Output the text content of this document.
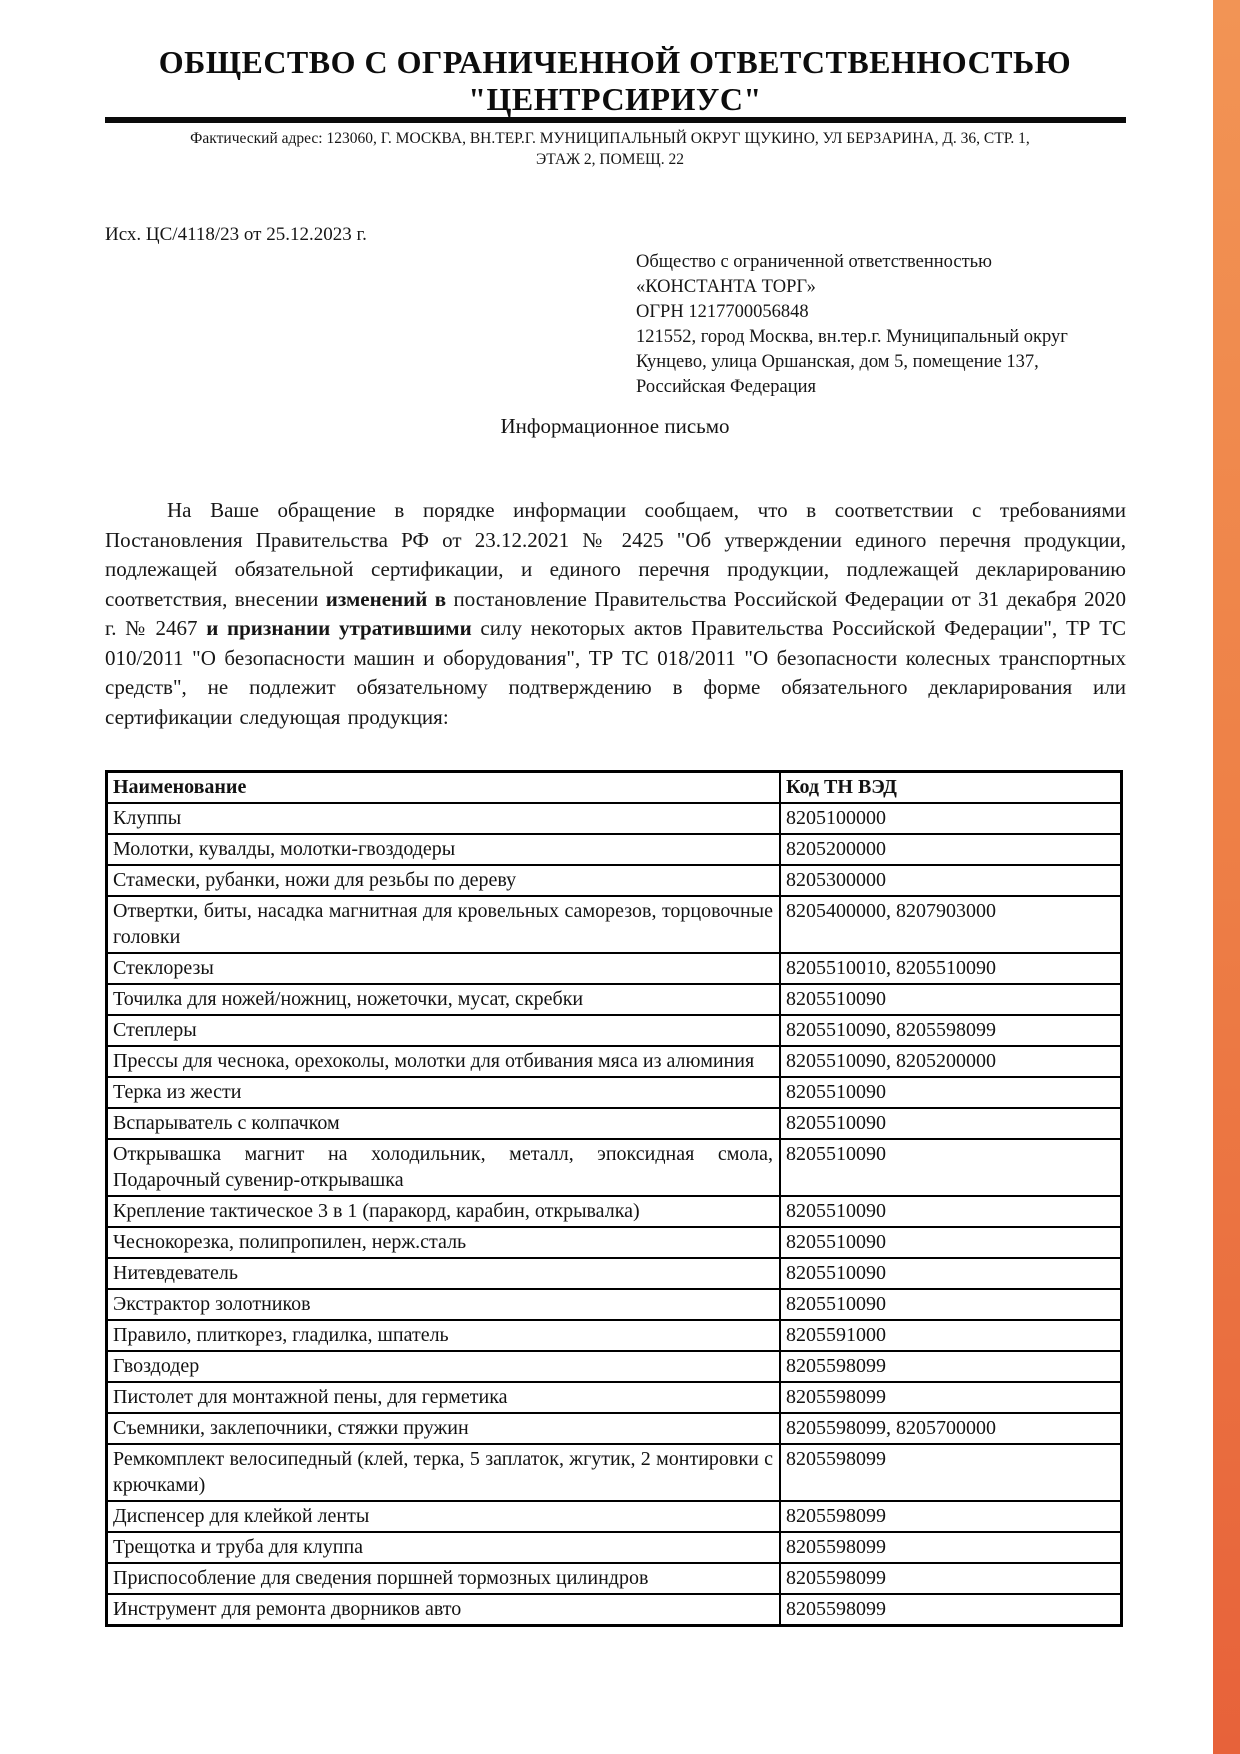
ОБЩЕСТВО С ОГРАНИЧЕННОЙ ОТВЕТСТВЕННОСТЬЮ
"ЦЕНТРСИРИУС"
Фактический адрес: 123060, Г. МОСКВА, ВН.ТЕР.Г. МУНИЦИПАЛЬНЫЙ ОКРУГ ЩУКИНО, УЛ БЕРЗАРИНА, Д. 36, СТР. 1,
ЭТАЖ 2, ПОМЕЩ. 22
Исх. ЦС/4118/23 от 25.12.2023 г.
Общество с ограниченной ответственностью
«КОНСТАНТА ТОРГ»
ОГРН 1217700056848
121552, город Москва, вн.тер.г. Муниципальный округ
Кунцево, улица Оршанская, дом 5, помещение 137,
Российская Федерация
Информационное письмо

На Ваше обращение в порядке информации сообщаем, что в соответствии с требованиями Постановления Правительства РФ от 23.12.2021 № 2425 "Об утверждении единого перечня продукции, подлежащей обязательной сертификации, и единого перечня продукции, подлежащей декларированию соответствия, внесении изменений в постановление Правительства Российской Федерации от 31 декабря 2020 г. № 2467 и признании утратившими силу некоторых актов Правительства Российской Федерации", ТР ТС 010/2011 "О безопасности машин и оборудования", ТР ТС 018/2011 "О безопасности колесных транспортных средств", не подлежит обязательному подтверждению в форме обязательного декларирования или сертификации следующая продукция:

Наименование	Код ТН ВЭД
Клуппы	8205100000
Молотки, кувалды, молотки-гвоздодеры	8205200000
Стамески, рубанки, ножи для резьбы по дереву	8205300000
Отвертки, биты, насадка магнитная для кровельных саморезов, торцовочные головки	8205400000, 8207903000
Стеклорезы	8205510010, 8205510090
Точилка для ножей/ножниц, ножеточки, мусат, скребки	8205510090
Степлеры	8205510090, 8205598099
Прессы для чеснока, орехоколы, молотки для отбивания мяса из алюминия	8205510090, 8205200000
Терка из жести	8205510090
Вспарыватель с колпачком	8205510090
Открывашка магнит на холодильник, металл, эпоксидная смола, Подарочный сувенир-открывашка	8205510090
Крепление тактическое 3 в 1 (паракорд, карабин, открывалка)	8205510090
Чеснокорезка, полипропилен, нерж.сталь	8205510090
Нитевдеватель	8205510090
Экстрактор золотников	8205510090
Правило, плиткорез, гладилка, шпатель	8205591000
Гвоздодер	8205598099
Пистолет для монтажной пены, для герметика	8205598099
Съемники, заклепочники, стяжки пружин	8205598099, 8205700000
Ремкомплект велосипедный (клей, терка, 5 заплаток, жгутик, 2 монтировки с крючками)	8205598099
Диспенсер для клейкой ленты	8205598099
Трещотка и труба для клуппа	8205598099
Приспособление для сведения поршней тормозных цилиндров	8205598099
Инструмент для ремонта дворников авто	8205598099
